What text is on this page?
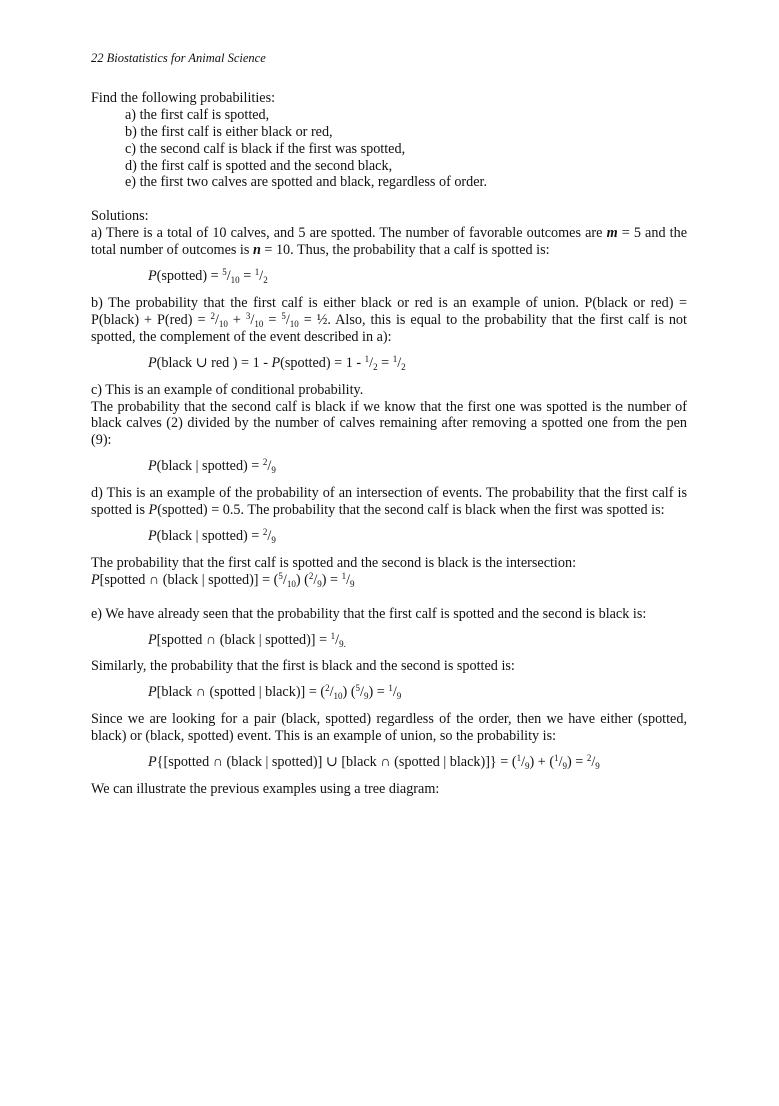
22 Biostatistics for Animal Science

Find the following probabilities:

a) the first calf is spotted,

b) the first calf is either black or red,

c) the second calf is black if the first was spotted,

d) the first calf is spotted and the second black,

e) the first two calves are spotted and black, regardless of order.

Solutions:

a) There is a total of 10 calves, and 5 are spotted. The number of favorable outcomes are m = 5 and the total number of outcomes is n = 10. Thus, the probability that a calf is spotted is:

P(spotted) = $^5/_{10} = ^1/_2$

b) The probability that the first calf is either black or red is an example of union. P(black or red) = P(black) + $P(red) = ^2/_{10} + ^3/_{10} = ^5/_{10}$ = ½. Also, this is equal to the probability that the first calf is not spotted, the complement of the event described in a):

P(black ∪ red ) = 1 - P(spotted) = $1 - ^1/_2 = ^1/_2$

c) This is an example of conditional probability.

The probability that the second calf is black if we know that the first one was spotted is the number of black calves (2) divided by the number of calves remaining after removing a spotted one from the pen (9):

P(black | spotted) = $^2/_9$

d) This is an example of the probability of an intersection of events. The probability that the first calf is spotted is P(spotted) = 0.5. The probability that the second calf is black when the first was spotted is:

P(black | spotted) = $^2/_9$

The probability that the first calf is spotted and the second is black is the intersection:

P[spotted ∩ (black | spotted)] = $(^5/_{10}) (^2/_9) = ^1/_9$

e) We have already seen that the probability that the first calf is spotted and the second is black is:

P[spotted ∩ (black | spotted)] = $^1/_{9.}$

Similarly, the probability that the first is black and the second is spotted is:

P[black ∩ (spotted | black)] = $(^2/_{10}) (^5/_9) = ^1/_9$

Since we are looking for a pair (black, spotted) regardless of the order, then we have either (spotted, black) or (black, spotted) event. This is an example of union, so the probability is:

P{[spotted ∩ (black | spotted)] ∪ [black ∩ (spotted | black)]} = $(^1/_9) + (^1/_9) = ^2/_9$

We can illustrate the previous examples using a tree diagram:
